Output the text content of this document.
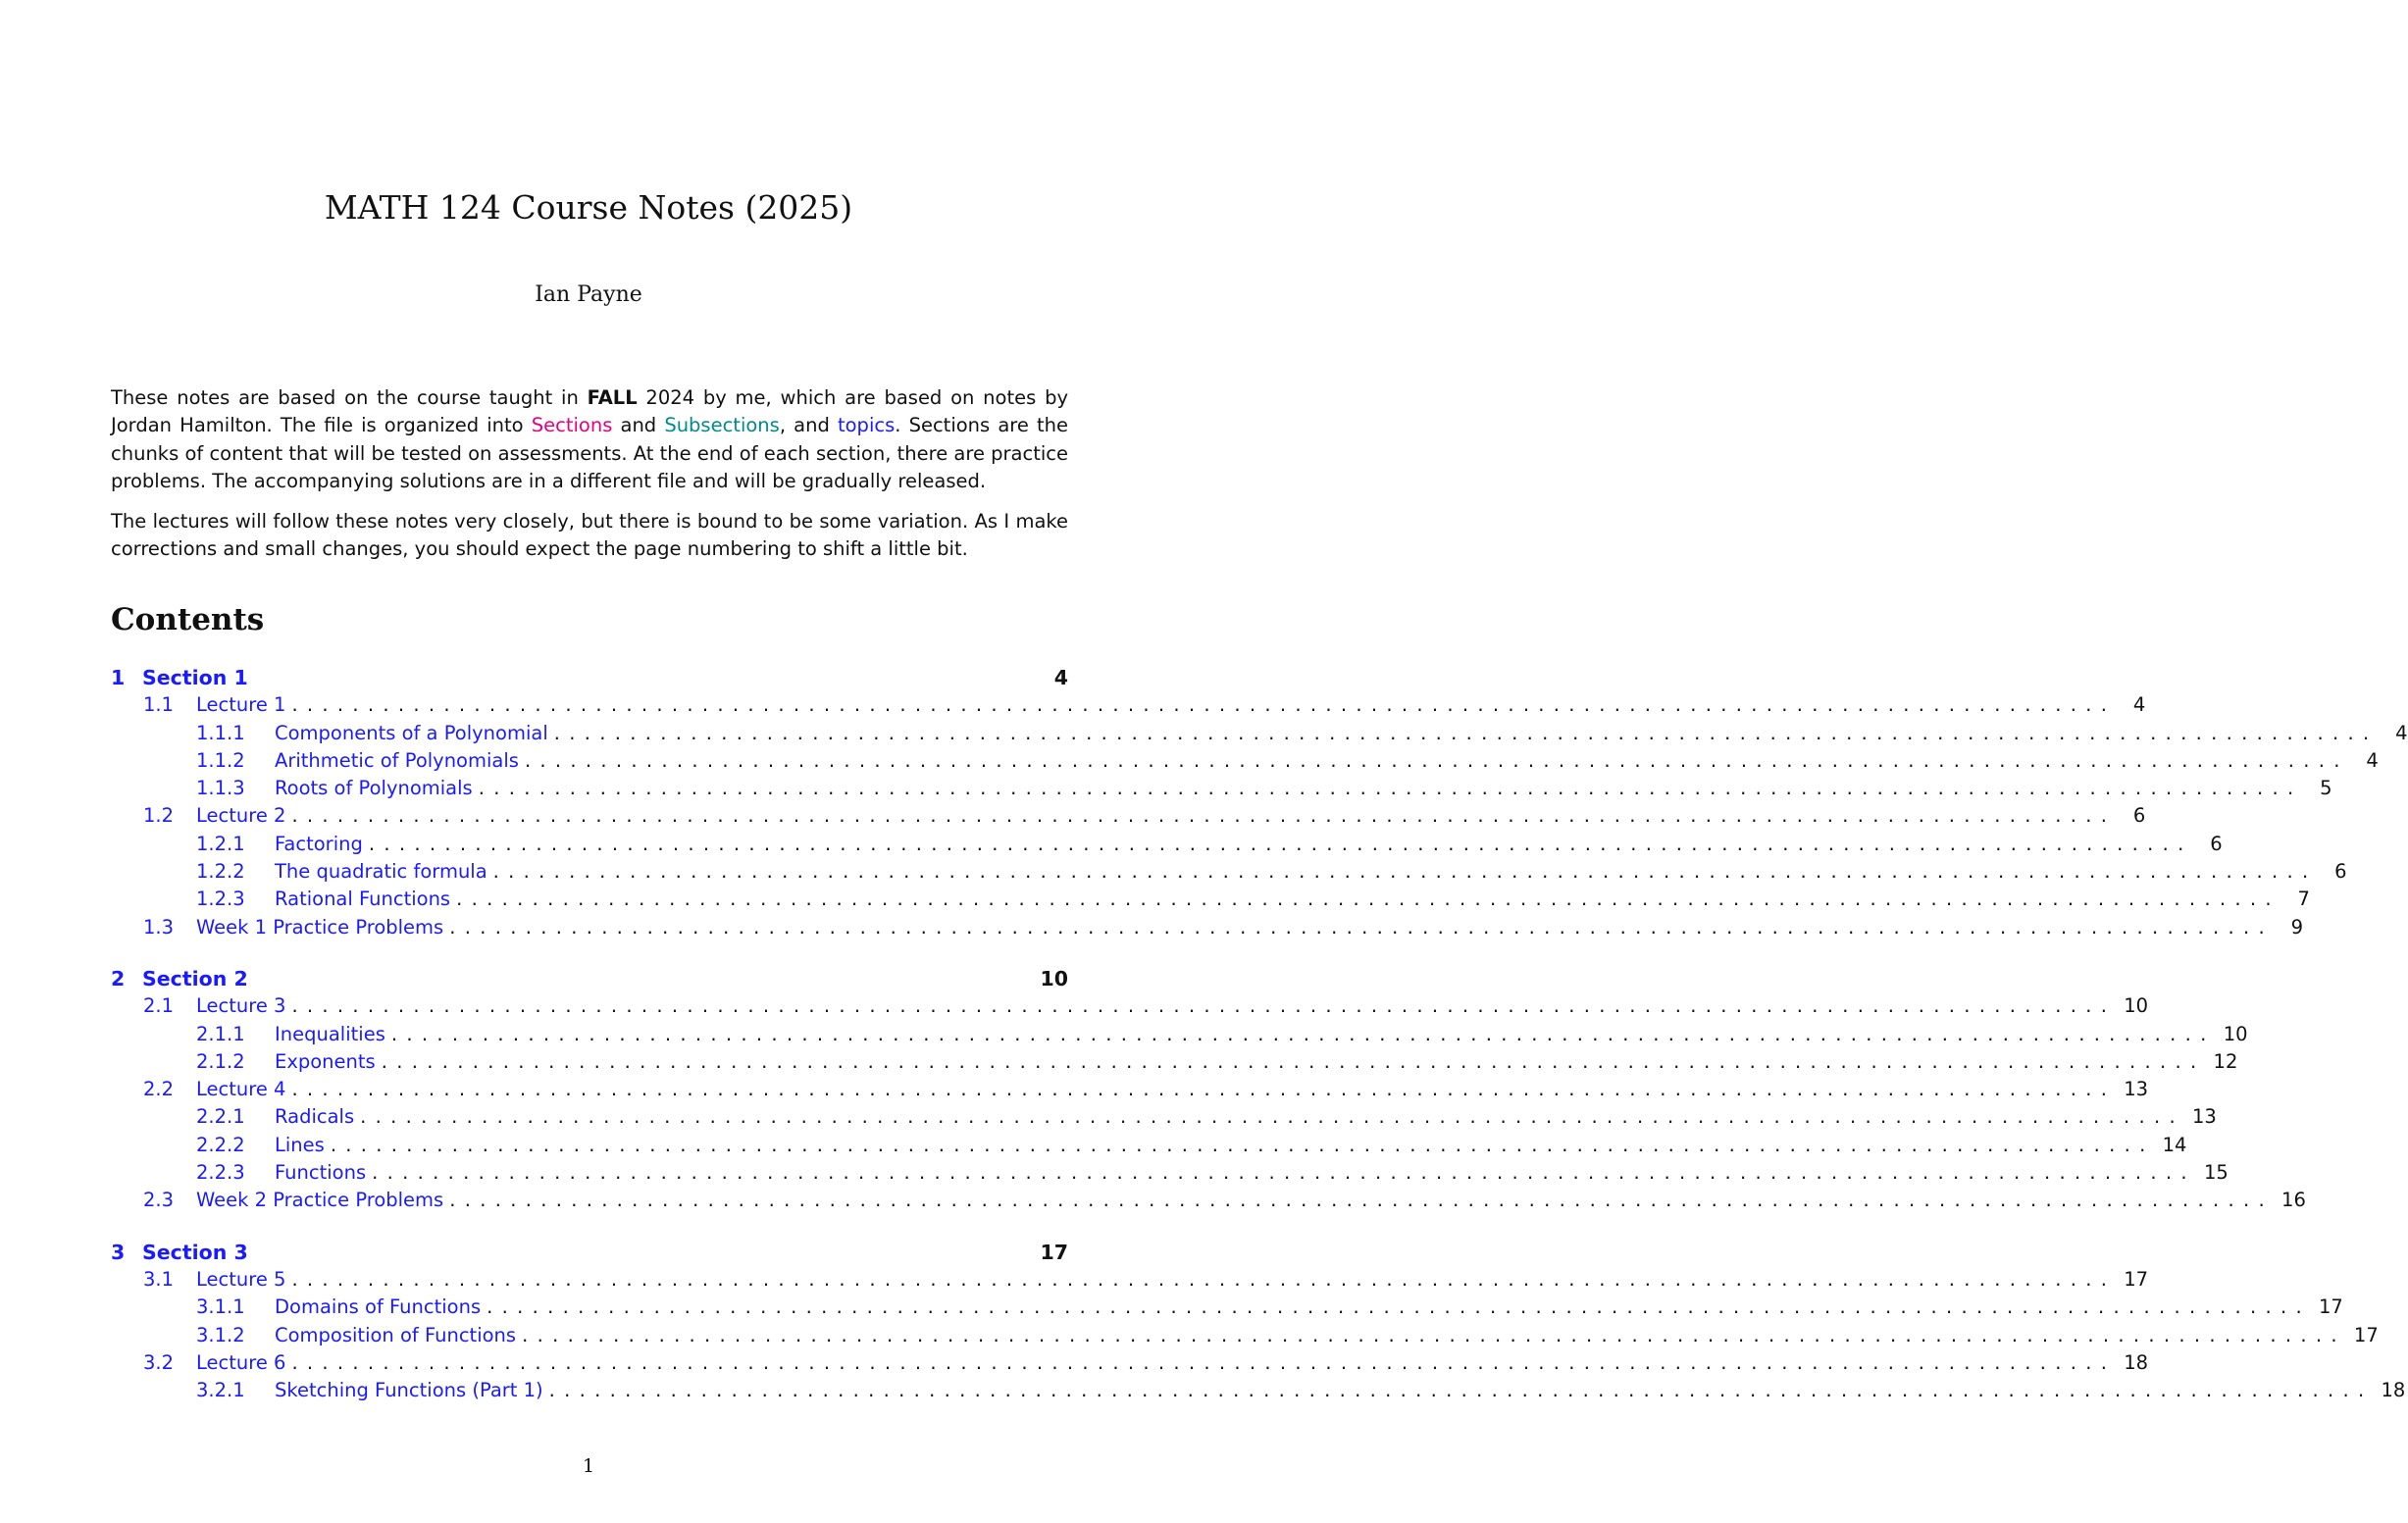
MATH 124 Course Notes (2025)
Ian Payne

These notes are based on the course taught in FALL 2024 by me, which are based on notes by Jordan Hamilton. The file is organized into Sections and Subsections, and topics. Sections are the chunks of content that will be tested on assessments. At the end of each section, there are practice problems. The accompanying solutions are in a different file and will be gradually released.

The lectures will follow these notes very closely, but there is bound to be some variation. As I make corrections and small changes, you should expect the page numbering to shift a little bit.

Contents
1 Section 1	4
1.1	Lecture 1 ........................................................................................................................ 4
1.1.1	Components of a Polynomial ........................................................................................................................ 4
1.1.2	Arithmetic of Polynomials ........................................................................................................................ 4
1.1.3	Roots of Polynomials ........................................................................................................................ 5
1.2	Lecture 2 ........................................................................................................................ 6
1.2.1	Factoring ........................................................................................................................ 6
1.2.2	The quadratic formula ........................................................................................................................ 6
1.2.3	Rational Functions ........................................................................................................................ 7
1.3	Week 1 Practice Problems ........................................................................................................................ 9
2 Section 2	10
2.1	Lecture 3 ........................................................................................................................ 10
2.1.1	Inequalities ........................................................................................................................ 10
2.1.2	Exponents ........................................................................................................................ 12
2.2	Lecture 4 ........................................................................................................................ 13
2.2.1	Radicals ........................................................................................................................ 13
2.2.2	Lines ........................................................................................................................ 14
2.2.3	Functions ........................................................................................................................ 15
2.3	Week 2 Practice Problems ........................................................................................................................ 16
3 Section 3	17
3.1	Lecture 5 ........................................................................................................................ 17
3.1.1	Domains of Functions ........................................................................................................................ 17
3.1.2	Composition of Functions ........................................................................................................................ 17
3.2	Lecture 6 ........................................................................................................................ 18
3.2.1	Sketching Functions (Part 1) ........................................................................................................................ 18
1
